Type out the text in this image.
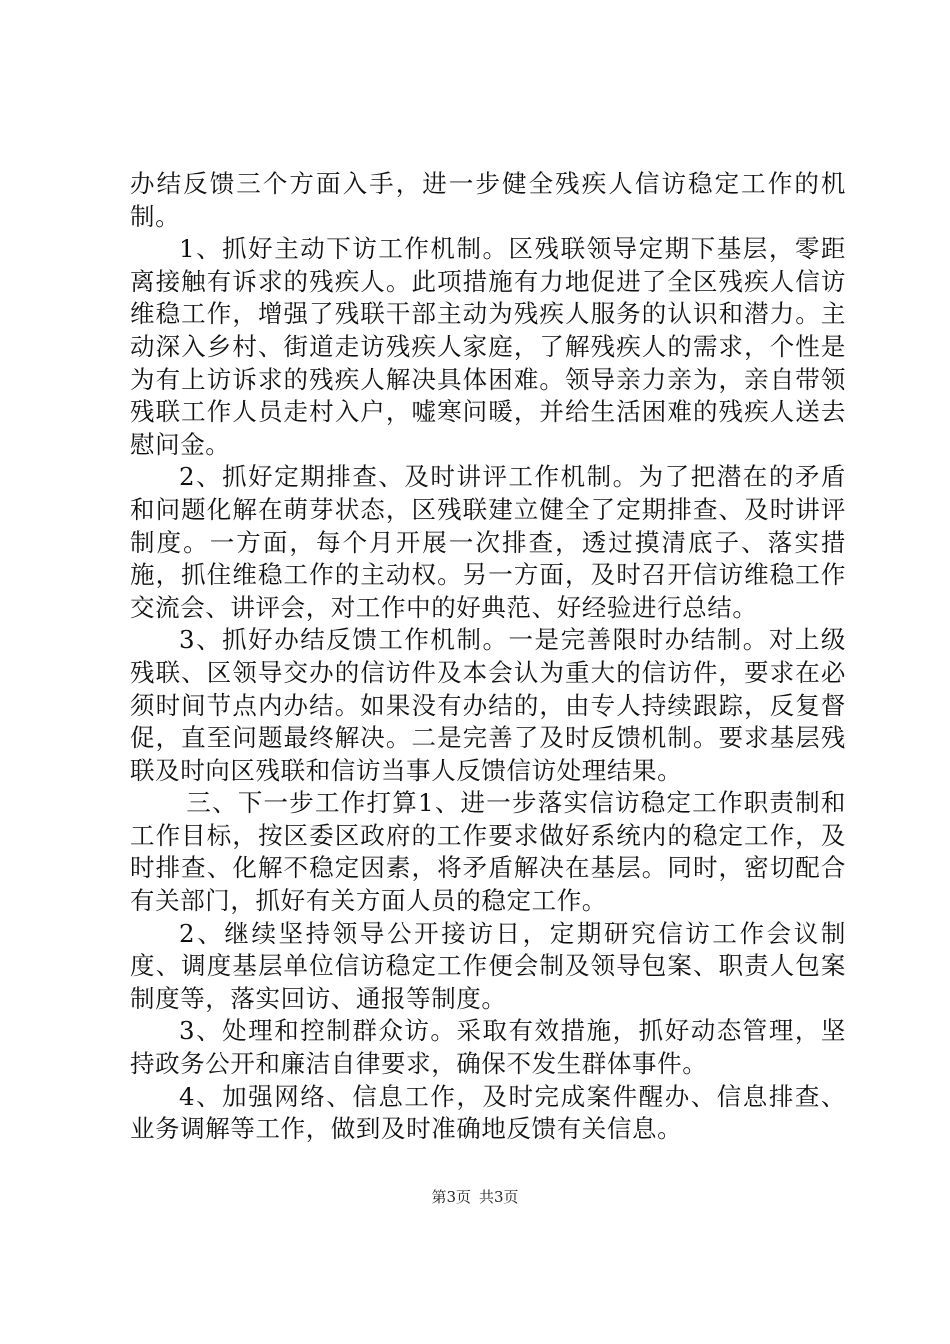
办结反馈三个方面入手，进一步健全残疾人信访稳定工作的机制。

1、抓好主动下访工作机制。区残联领导定期下基层，零距离接触有诉求的残疾人。此项措施有力地促进了全区残疾人信访维稳工作，增强了残联干部主动为残疾人服务的认识和潜力。主动深入乡村、街道走访残疾人家庭，了解残疾人的需求，个性是为有上访诉求的残疾人解决具体困难。领导亲力亲为，亲自带领残联工作人员走村入户，嘘寒问暖，并给生活困难的残疾人送去慰问金。

2、抓好定期排查、及时讲评工作机制。为了把潜在的矛盾和问题化解在萌芽状态，区残联建立健全了定期排查、及时讲评制度。一方面，每个月开展一次排查，透过摸清底子、落实措施，抓住维稳工作的主动权。另一方面，及时召开信访维稳工作交流会、讲评会，对工作中的好典范、好经验进行总结。

3、抓好办结反馈工作机制。一是完善限时办结制。对上级残联、区领导交办的信访件及本会认为重大的信访件，要求在必须时间节点内办结。如果没有办结的，由专人持续跟踪，反复督促，直至问题最终解决。二是完善了及时反馈机制。要求基层残联及时向区残联和信访当事人反馈信访处理结果。

三、下一步工作打算1、进一步落实信访稳定工作职责制和工作目标，按区委区政府的工作要求做好系统内的稳定工作，及时排查、化解不稳定因素，将矛盾解决在基层。同时，密切配合有关部门，抓好有关方面人员的稳定工作。

2、继续坚持领导公开接访日，定期研究信访工作会议制度、调度基层单位信访稳定工作便会制及领导包案、职责人包案制度等，落实回访、通报等制度。

3、处理和控制群众访。采取有效措施，抓好动态管理，坚持政务公开和廉洁自律要求，确保不发生群体事件。

4、加强网络、信息工作，及时完成案件醒办、信息排查、业务调解等工作，做到及时准确地反馈有关信息。

第3页 共3页
